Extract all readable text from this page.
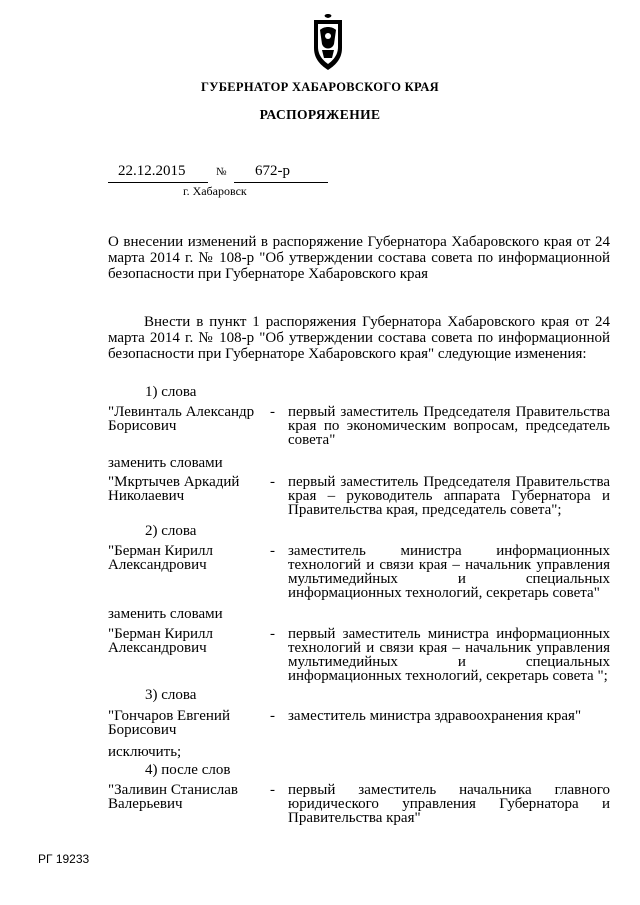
ГУБЕРНАТОР ХАБАРОВСКОГО КРАЯ
РАСПОРЯЖЕНИЕ
22.12.2015	№ 672-р
г. Хабаровск
О внесении изменений в распоряжение Губернатора Хабаровского края от 24 марта 2014 г. № 108-р "Об утверждении состава совета по информационной безопасности при Губернаторе Хабаровского края
Внести в пункт 1 распоряжения Губернатора Хабаровского края от 24 марта 2014 г. № 108-р "Об утверждении состава совета по информационной безопасности при Губернаторе Хабаровского края" следующие изменения:
1) слова
"Левинталь Александр Борисович
- первый заместитель Председателя Правительства края по экономическим вопросам, председатель совета"
заменить словами
"Мкртычев Аркадий Николаевич
- первый заместитель Председателя Правительства края – руководитель аппарата Губернатора и Правительства края, председатель совета";
2) слова
"Берман Кирилл Александрович
- заместитель министра информационных технологий и связи края – начальник управления мультимедийных и специальных информационных технологий, секретарь совета"
заменить словами
"Берман Кирилл Александрович
- первый заместитель министра информационных технологий и связи края – начальник управления мультимедийных и специальных информационных технологий, секретарь совета ";
3) слова
"Гончаров Евгений Борисович
- заместитель министра здравоохранения края"
исключить;
4) после слов
"Заливин Станислав Валерьевич
- первый заместитель начальника главного юридического управления Губернатора и Правительства края"
РГ 19233
